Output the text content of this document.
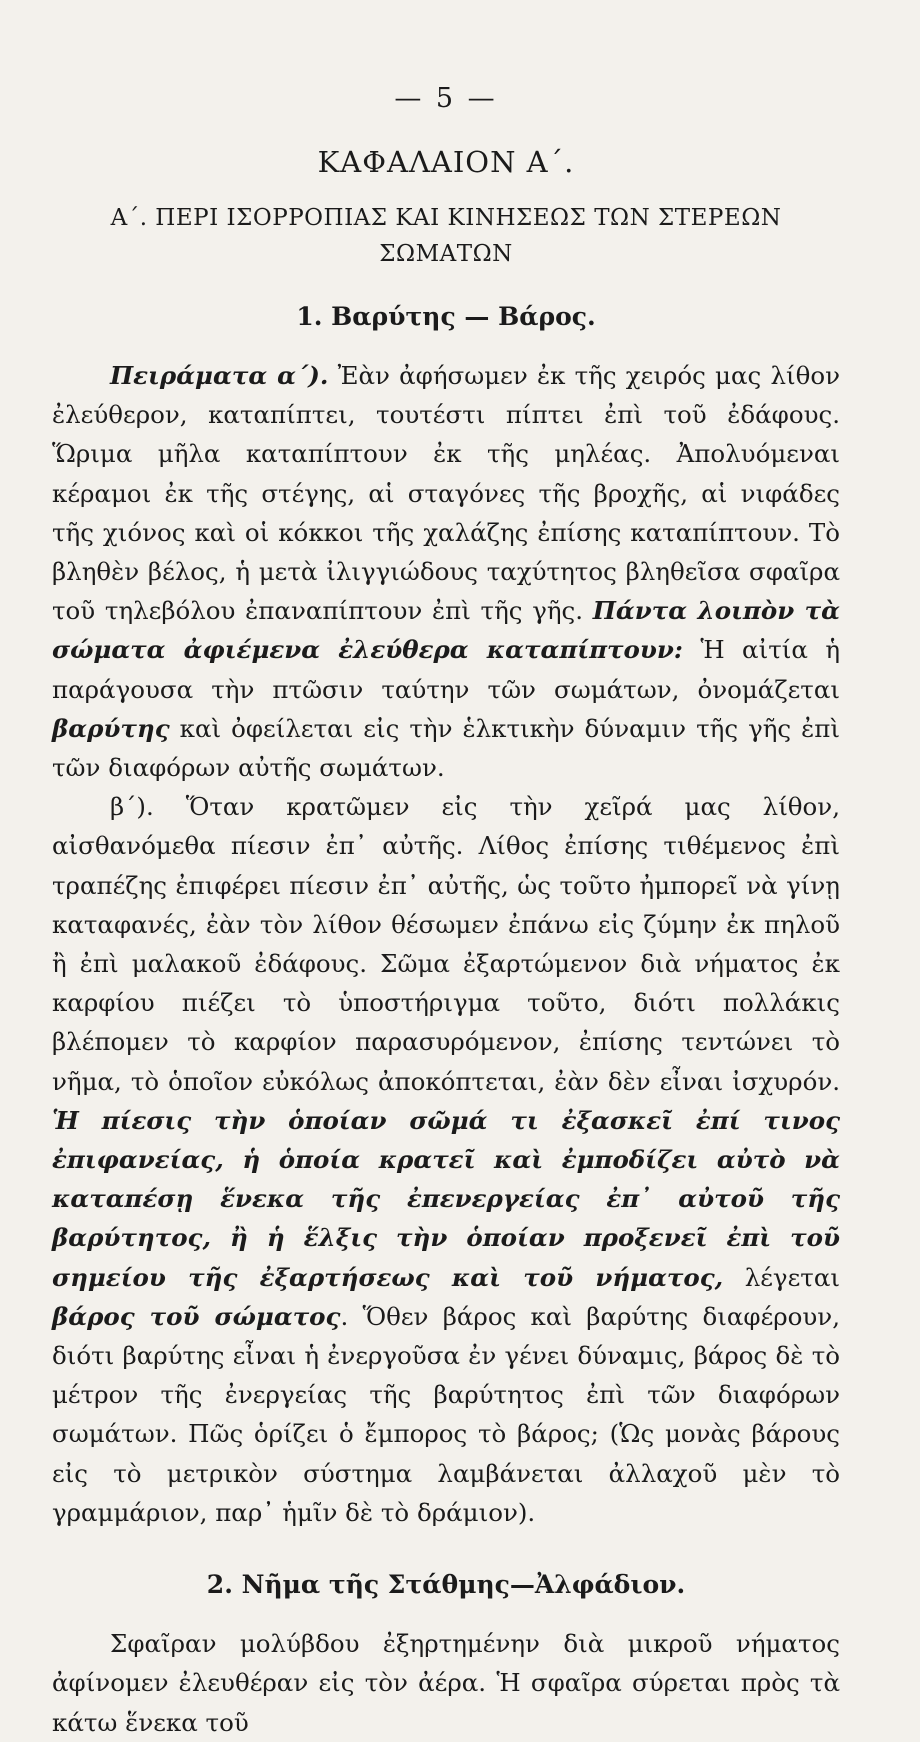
— 5 —
ΚΑΦΑΛΑΙΟΝ Α΄.
Α΄. ΠΕΡΙ ΙΣΟΡΡΟΠΙΑΣ ΚΑΙ ΚΙΝΗΣΕΩΣ ΤΩΝ ΣΤΕΡΕΩΝ ΣΩΜΑΤΩΝ
1. Βαρύτης — Βάρος.

Πειράματα α΄). Ἐὰν ἀφήσωμεν ἐκ τῆς χειρός μας λίθον ἐλεύθερον, καταπίπτει, τουτέστι πίπτει ἐπὶ τοῦ ἐδάφους. Ὥριμα μῆλα καταπίπτουν ἐκ τῆς μηλέας. Ἀπολυόμεναι κέραμοι ἐκ τῆς στέγης, αἱ σταγόνες τῆς βροχῆς, αἱ νιφάδες τῆς χιόνος καὶ οἱ κόκκοι τῆς χαλάζης ἐπίσης καταπίπτουν. Τὸ βληθὲν βέλος, ἡ μετὰ ἰλιγγιώδους ταχύτητος βληθεῖσα σφαῖρα τοῦ τηλεβόλου ἐπαναπίπτουν ἐπὶ τῆς γῆς. Πάντα λοιπὸν τὰ σώματα ἀφιέμενα ἐλεύθερα καταπίπτουν: Ἡ αἰτία ἡ παράγουσα τὴν πτῶσιν ταύτην τῶν σωμάτων, ὀνομάζεται βαρύτης καὶ ὀφείλεται εἰς τὴν ἑλκτικὴν δύναμιν τῆς γῆς ἐπὶ τῶν διαφόρων αὐτῆς σωμάτων.

β΄). Ὅταν κρατῶμεν εἰς τὴν χεῖρά μας λίθον, αἰσθανόμεθα πίεσιν ἐπ᾿ αὐτῆς. Λίθος ἐπίσης τιθέμενος ἐπὶ τραπέζης ἐπιφέρει πίεσιν ἐπ᾿ αὐτῆς, ὡς τοῦτο ἠμπορεῖ νὰ γίνῃ καταφανές, ἐὰν τὸν λίθον θέσωμεν ἐπάνω εἰς ζύμην ἐκ πηλοῦ ἢ ἐπὶ μαλακοῦ ἐδάφους. Σῶμα ἐξαρτώμενον διὰ νήματος ἐκ καρφίου πιέζει τὸ ὑποστήριγμα τοῦτο, διότι πολλάκις βλέπομεν τὸ καρφίον παρασυρόμενον, ἐπίσης τεντώνει τὸ νῆμα, τὸ ὁποῖον εὐκόλως ἀποκόπτεται, ἐὰν δὲν εἶναι ἰσχυρόν. Ἡ πίεσις τὴν ὁποίαν σῶμά τι ἐξασκεῖ ἐπί τινος ἐπιφανείας, ἡ ὁποία κρατεῖ καὶ ἐμποδίζει αὐτὸ νὰ καταπέσῃ ἕνεκα τῆς ἐπενεργείας ἐπ᾿ αὐτοῦ τῆς βαρύτητος, ἢ ἡ ἕλξις τὴν ὁποίαν προξενεῖ ἐπὶ τοῦ σημείου τῆς ἐξαρτήσεως καὶ τοῦ νήματος, λέγεται βάρος τοῦ σώματος. Ὅθεν βάρος καὶ βαρύτης διαφέρουν, διότι βαρύτης εἶναι ἡ ἐνεργοῦσα ἐν γένει δύναμις, βάρος δὲ τὸ μέτρον τῆς ἐνεργείας τῆς βαρύτητος ἐπὶ τῶν διαφόρων σωμάτων. Πῶς ὁρίζει ὁ ἔμπορος τὸ βάρος; (Ὡς μονὰς βάρους εἰς τὸ μετρικὸν σύστημα λαμβάνεται ἀλλαχοῦ μὲν τὸ γραμμάριον, παρ᾿ ἡμῖν δὲ τὸ δράμιον).

2. Νῆμα τῆς Στάθμης—Ἀλφάδιον.

Σφαῖραν μολύβδου ἐξηρτημένην διὰ μικροῦ νήματος ἀφίνομεν ἐλευθέραν εἰς τὸν ἀέρα. Ἡ σφαῖρα σύρεται πρὸς τὰ κάτω ἕνεκα τοῦ
